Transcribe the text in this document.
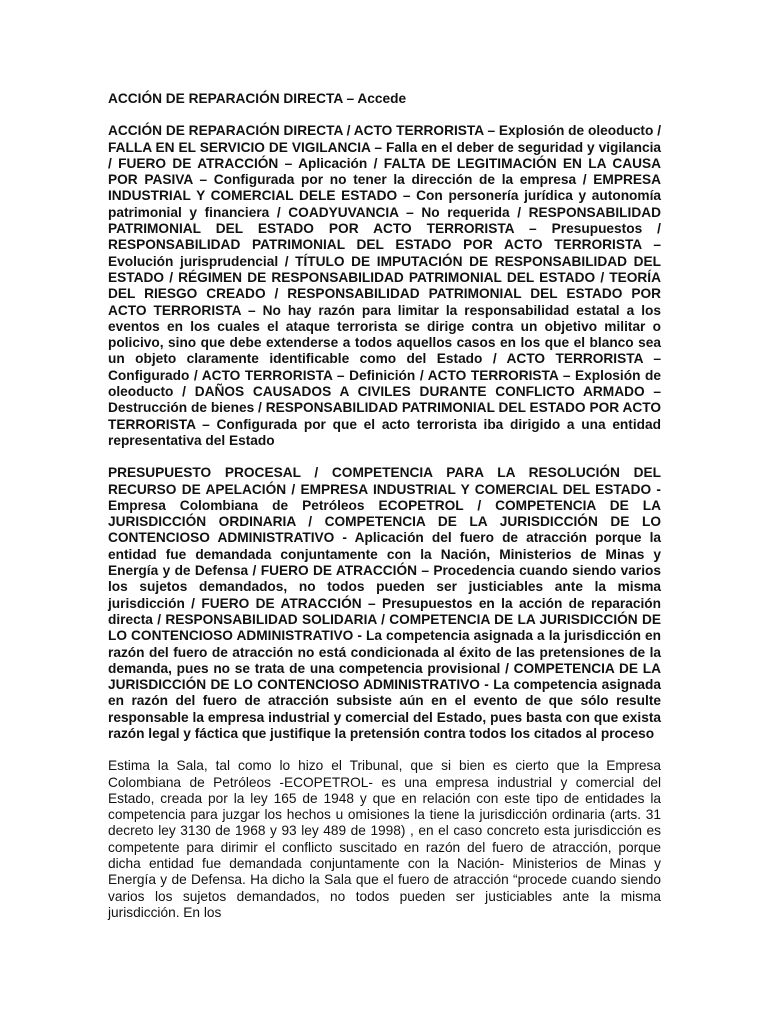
ACCIÓN DE REPARACIÓN DIRECTA – Accede
ACCIÓN DE REPARACIÓN DIRECTA / ACTO TERRORISTA – Explosión de oleoducto / FALLA EN EL SERVICIO DE VIGILANCIA – Falla en el deber de seguridad y vigilancia / FUERO DE ATRACCIÓN – Aplicación / FALTA DE LEGITIMACIÓN EN LA CAUSA POR PASIVA – Configurada por no tener la dirección de la empresa / EMPRESA INDUSTRIAL Y COMERCIAL DELE ESTADO – Con personería jurídica y autonomía patrimonial y financiera / COADYUVANCIA – No requerida / RESPONSABILIDAD PATRIMONIAL DEL ESTADO POR ACTO TERRORISTA – Presupuestos / RESPONSABILIDAD PATRIMONIAL DEL ESTADO POR ACTO TERRORISTA – Evolución jurisprudencial / TÍTULO DE IMPUTACIÓN DE RESPONSABILIDAD DEL ESTADO / RÉGIMEN DE RESPONSABILIDAD PATRIMONIAL DEL ESTADO / TEORÍA DEL RIESGO CREADO / RESPONSABILIDAD PATRIMONIAL DEL ESTADO POR ACTO TERRORISTA – No hay razón para limitar la responsabilidad estatal a los eventos en los cuales el ataque terrorista se dirige contra un objetivo militar o policivo, sino que debe extenderse a todos aquellos casos en los que el blanco sea un objeto claramente identificable como del Estado / ACTO TERRORISTA – Configurado / ACTO TERRORISTA – Definición / ACTO TERRORISTA – Explosión de oleoducto / DAÑOS CAUSADOS A CIVILES DURANTE CONFLICTO ARMADO – Destrucción de bienes / RESPONSABILIDAD PATRIMONIAL DEL ESTADO POR ACTO TERRORISTA – Configurada por que el acto terrorista iba dirigido a una entidad representativa del Estado
PRESUPUESTO PROCESAL / COMPETENCIA PARA LA RESOLUCIÓN DEL RECURSO DE APELACIÓN / EMPRESA INDUSTRIAL Y COMERCIAL DEL ESTADO - Empresa Colombiana de Petróleos ECOPETROL / COMPETENCIA DE LA JURISDICCIÓN ORDINARIA / COMPETENCIA DE LA JURISDICCIÓN DE LO CONTENCIOSO ADMINISTRATIVO - Aplicación del fuero de atracción porque la entidad fue demandada conjuntamente con la Nación, Ministerios de Minas y Energía y de Defensa / FUERO DE ATRACCIÓN – Procedencia cuando siendo varios los sujetos demandados, no todos pueden ser justiciables ante la misma jurisdicción / FUERO DE ATRACCIÓN – Presupuestos en la acción de reparación directa / RESPONSABILIDAD SOLIDARIA / COMPETENCIA DE LA JURISDICCIÓN DE LO CONTENCIOSO ADMINISTRATIVO - La competencia asignada a la jurisdicción en razón del fuero de atracción no está condicionada al éxito de las pretensiones de la demanda, pues no se trata de una competencia provisional / COMPETENCIA DE LA JURISDICCIÓN DE LO CONTENCIOSO ADMINISTRATIVO - La competencia asignada en razón del fuero de atracción subsiste aún en el evento de que sólo resulte responsable la empresa industrial y comercial del Estado, pues basta con que exista razón legal y fáctica que justifique la pretensión contra todos los citados al proceso
Estima la Sala, tal como lo hizo el Tribunal, que si bien es cierto que la Empresa Colombiana de Petróleos -ECOPETROL- es una empresa industrial y comercial del Estado, creada por la ley 165 de 1948 y que en relación con este tipo de entidades la competencia para juzgar los hechos u omisiones la tiene la jurisdicción ordinaria (arts. 31 decreto ley 3130 de 1968 y 93 ley 489 de 1998) , en el caso concreto esta jurisdicción es competente para dirimir el conflicto suscitado en razón del fuero de atracción, porque dicha entidad fue demandada conjuntamente con la Nación- Ministerios de Minas y Energía y de Defensa. Ha dicho la Sala que el fuero de atracción “procede cuando siendo varios los sujetos demandados, no todos pueden ser justiciables ante la misma jurisdicción. En los
